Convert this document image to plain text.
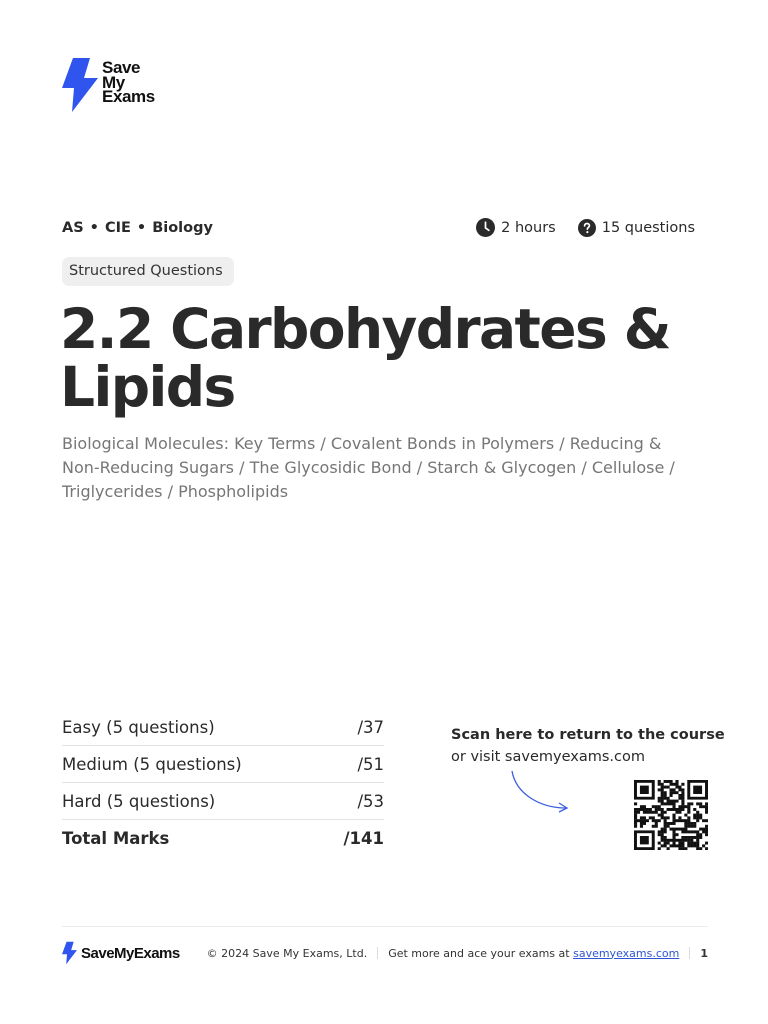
Save
My
Exams
AS • CIE • Biology	2 hours	15 questions
Structured Questions
2.2 Carbohydrates & Lipids

Biological Molecules: Key Terms / Covalent Bonds in Polymers / Reducing & Non-Reducing Sugars / The Glycosidic Bond / Starch & Glycogen / Cellulose / Triglycerides / Phospholipids

Easy (5 questions)	/37
Medium (5 questions)	/51
Hard (5 questions)	/53
Total Marks	/141
Scan here to return to the course
or visit savemyexams.com
SaveMyExams © 2024 Save My Exams, Ltd. Get more and ace your exams at savemyexams.com 1
